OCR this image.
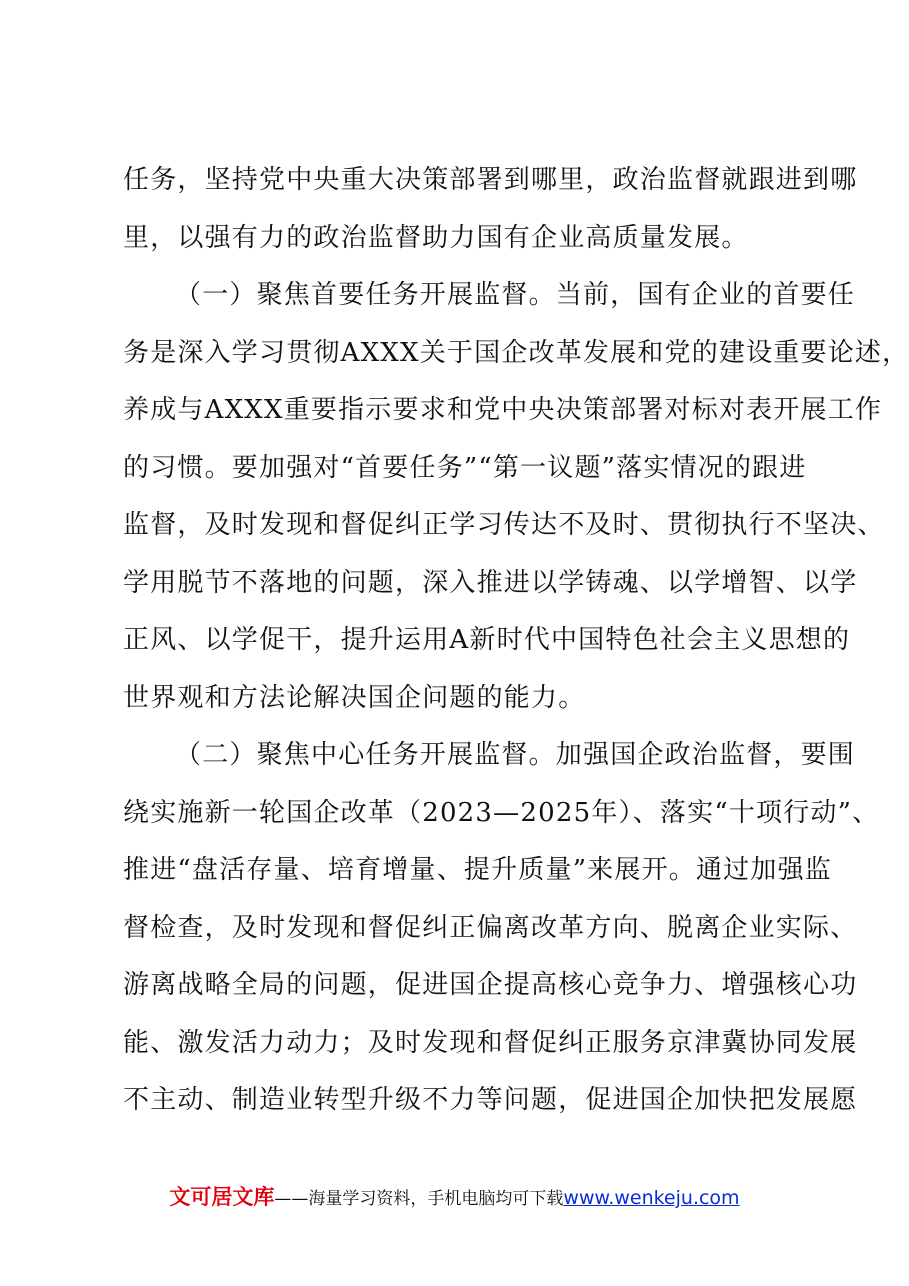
任务，坚持党中央重大决策部署到哪里，政治监督就跟进到哪
里，以强有力的政治监督助力国有企业高质量发展。
（一）聚焦首要任务开展监督。当前，国有企业的首要任
务是深入学习贯彻AXXX关于国企改革发展和党的建设重要论述，
养成与AXXX重要指示要求和党中央决策部署对标对表开展工作
的习惯。要加强对“首要任务”“第一议题”落实情况的跟进
监督，及时发现和督促纠正学习传达不及时、贯彻执行不坚决、
学用脱节不落地的问题，深入推进以学铸魂、以学增智、以学
正风、以学促干，提升运用A新时代中国特色社会主义思想的
世界观和方法论解决国企问题的能力。
（二）聚焦中心任务开展监督。加强国企政治监督，要围
绕实施新一轮国企改革（2023—2025年）、落实“十项行动”、
推进“盘活存量、培育增量、提升质量”来展开。通过加强监
督检查，及时发现和督促纠正偏离改革方向、脱离企业实际、
游离战略全局的问题，促进国企提高核心竞争力、增强核心功
能、激发活力动力；及时发现和督促纠正服务京津冀协同发展
不主动、制造业转型升级不力等问题，促进国企加快把发展愿
文可居文库——海量学习资料，手机电脑均可下载www.wenkeju.com
